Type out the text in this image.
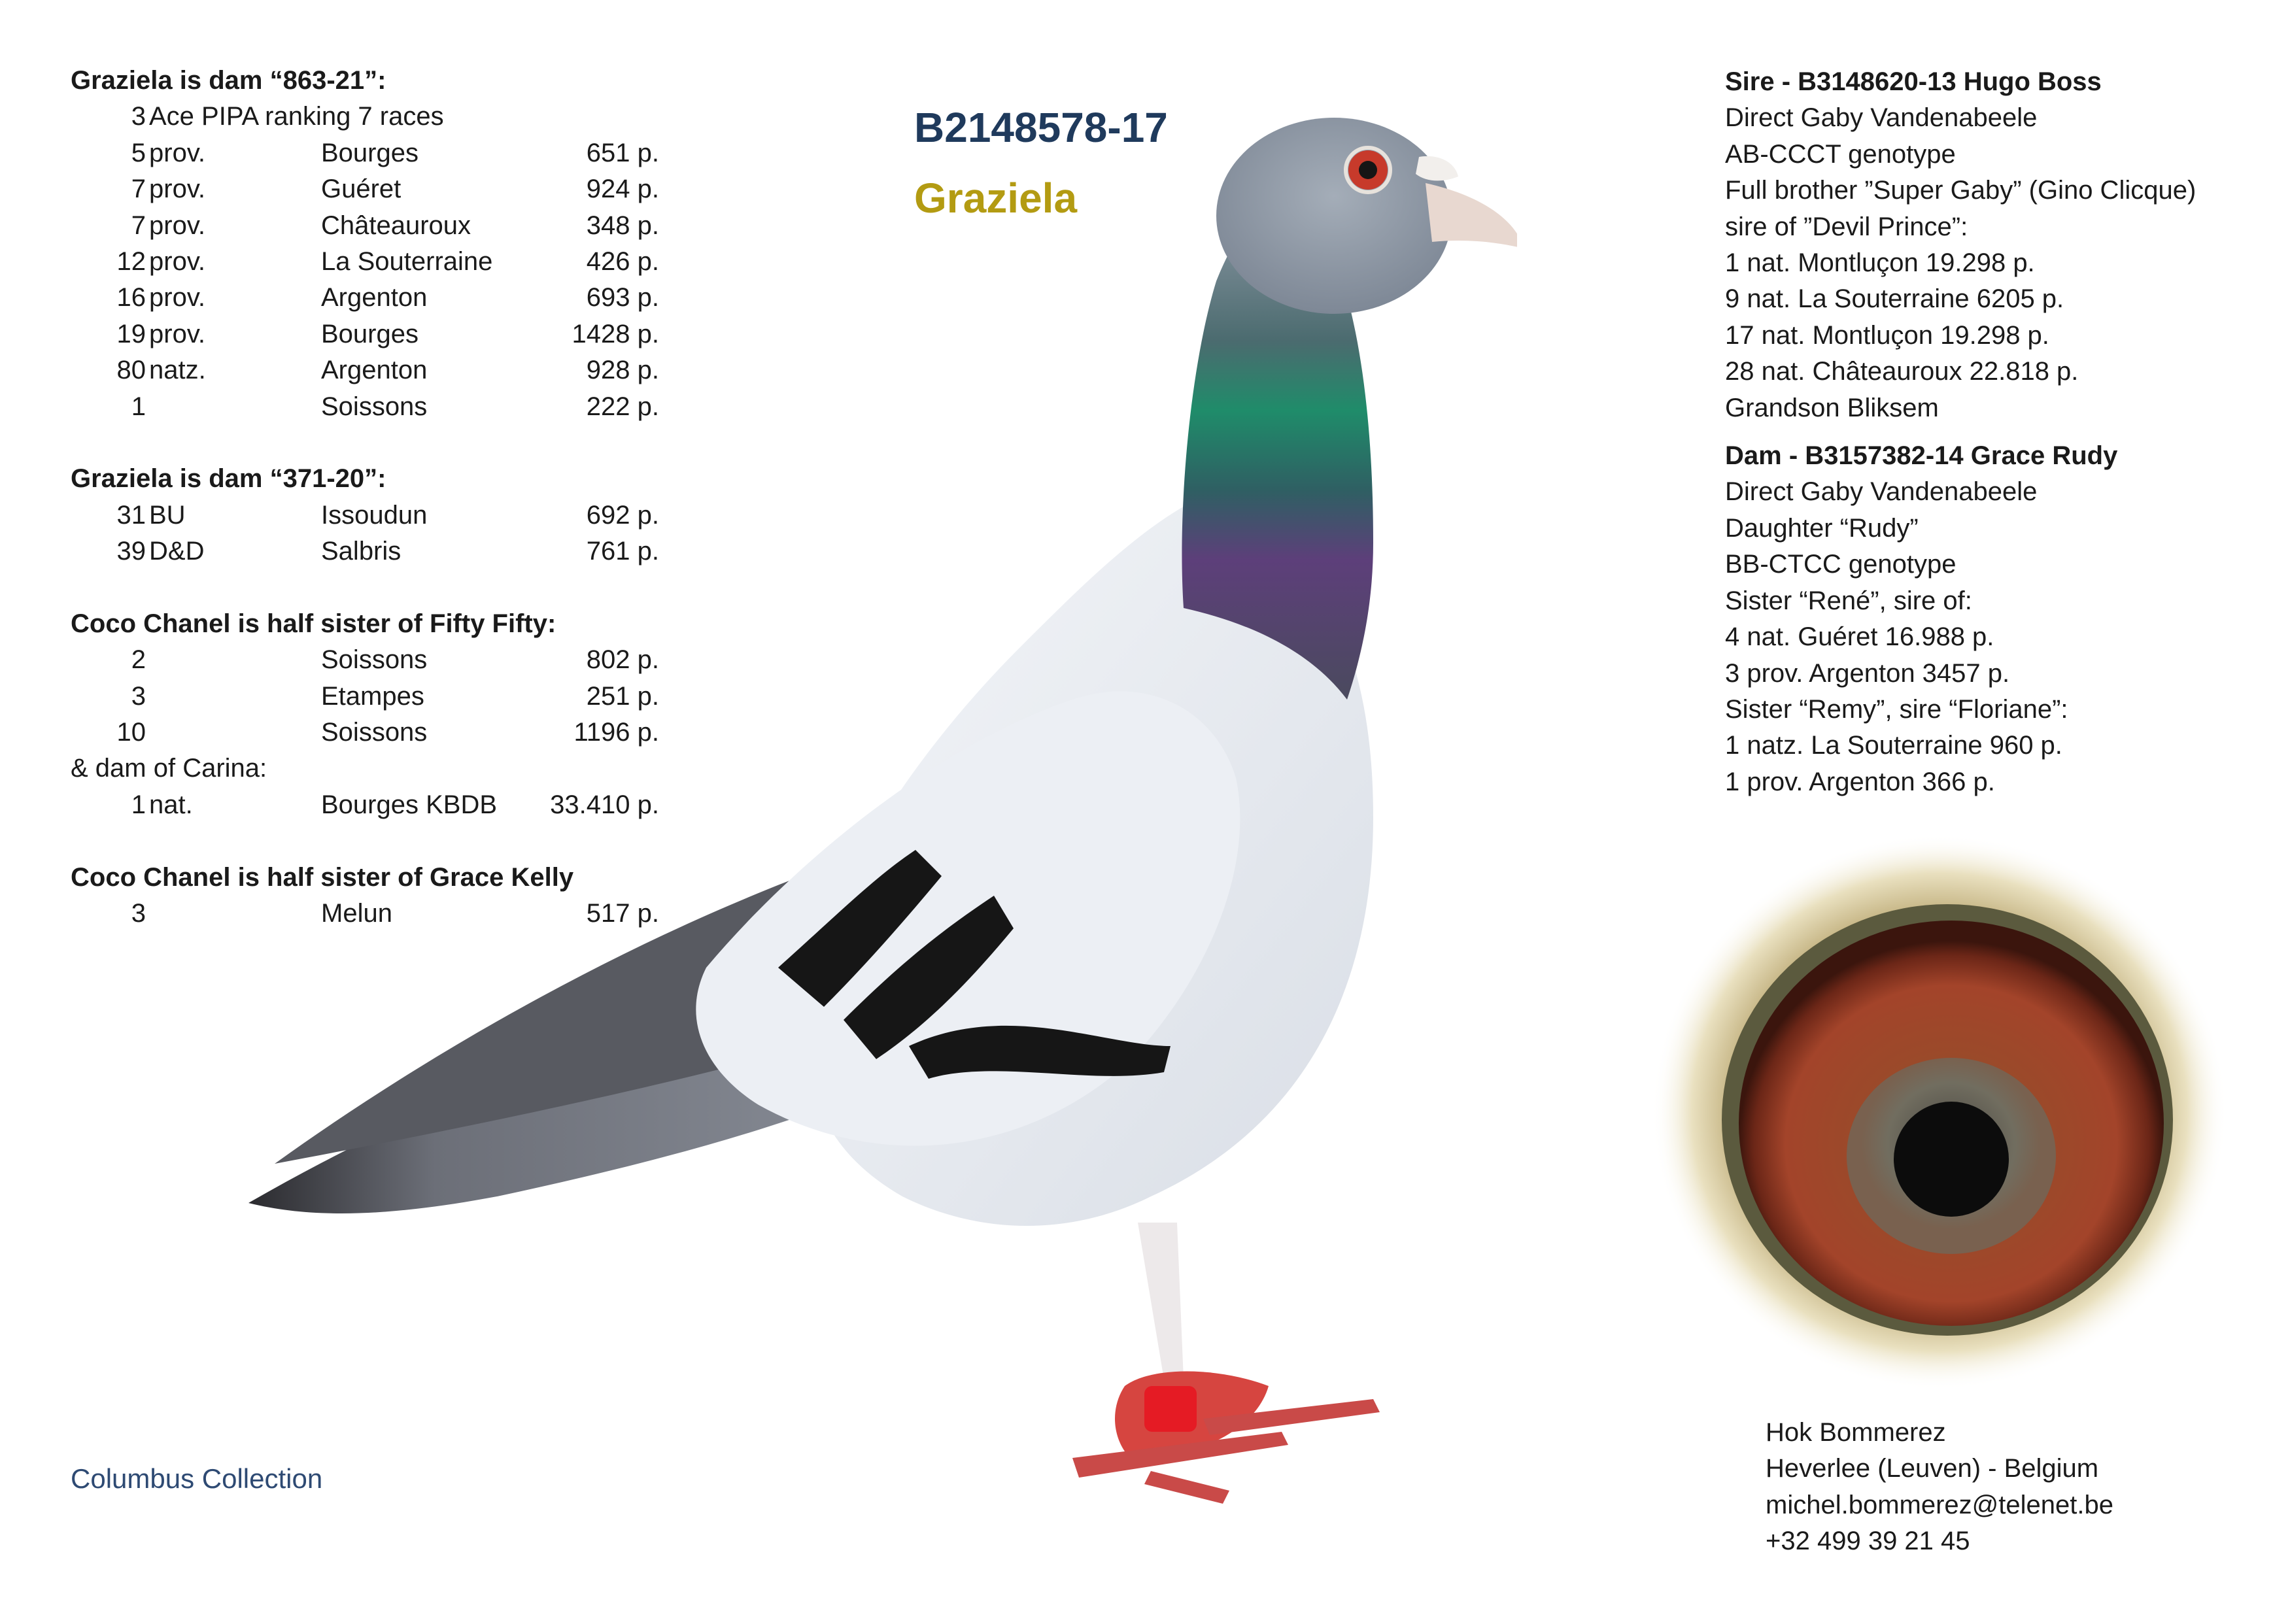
Graziela is dam “863-21”:
3 Ace PIPA ranking 7 races
5 prov.	Bourges	651 p.
7 prov.	Guéret	924 p.
7 prov.	Châteauroux	348 p.
12 prov.	La Souterraine	426 p.
16 prov.	Argenton	693 p.
19 prov.	Bourges	1428 p.
80 natz.	Argenton	928 p.
1	Soissons	222 p.
Graziela is dam “371-20”:
31 BU	Issoudun	692 p.
39 D&D	Salbris	761 p.
Coco Chanel is half sister of Fifty Fifty:
2	Soissons	802 p.
3	Etampes	251 p.
10	Soissons	1196 p.
& dam of Carina:
1 nat.	Bourges KBDB 33.410 p.
Coco Chanel is half sister of Grace Kelly
3	Melun	517 p.
B2148578-17
Graziela
Sire - B3148620-13 Hugo Boss
Direct Gaby Vandenabeele
AB-CCCT genotype
Full brother ”Super Gaby” (Gino Clicque)
sire of ”Devil Prince”:
1 nat. Montluçon 19.298 p.
9 nat. La Souterraine 6205 p.
17 nat. Montluçon 19.298 p.
28 nat. Châteauroux 22.818 p.
Grandson Bliksem
Dam - B3157382-14 Grace Rudy
Direct Gaby Vandenabeele
Daughter “Rudy”
BB-CTCC genotype
Sister “René”, sire of:
4 nat. Guéret 16.988 p.
3 prov. Argenton 3457 p.
Sister “Remy”, sire “Floriane”:
1 natz. La Souterraine 960 p.
1 prov. Argenton 366 p.
Hok Bommerez
Heverlee (Leuven) - Belgium
michel.bommerez@telenet.be
+32 499 39 21 45
Columbus Collection
